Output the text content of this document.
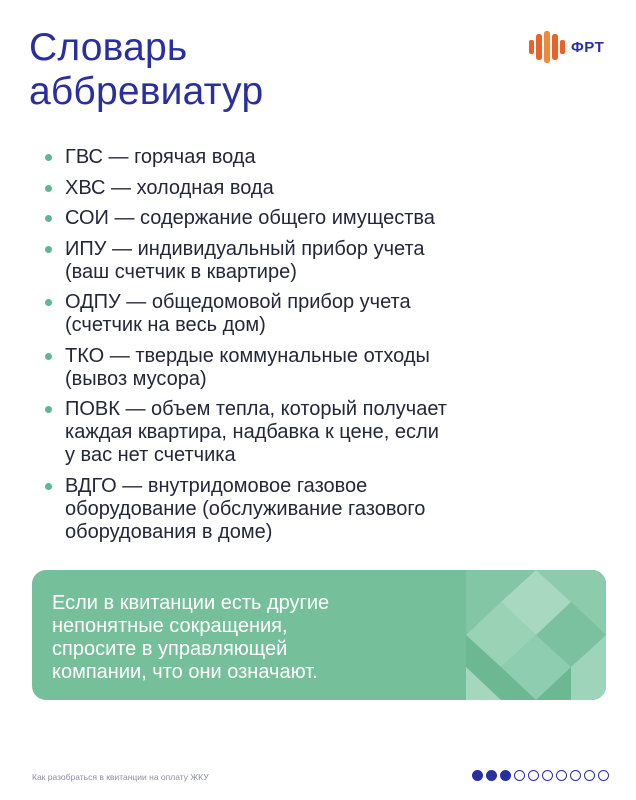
Словарь
аббревиатур
ФРТ
ГВС — горячая вода
ХВС — холодная вода
СОИ — содержание общего имущества
ИПУ — индивидуальный прибор учета
(ваш счетчик в квартире)
ОДПУ — общедомовой прибор учета
(счетчик на весь дом)
ТКО — твердые коммунальные отходы
(вывоз мусора)
ПОВК — объем тепла, который получает
каждая квартира, надбавка к цене, если
у вас нет счетчика
ВДГО — внутридомовое газовое
оборудование (обслуживание газового
оборудования в доме)
Если в квитанции есть другие
непонятные сокращения,
спросите в управляющей
компании, что они означают.
Как разобраться в квитанции на оплату ЖКУ
